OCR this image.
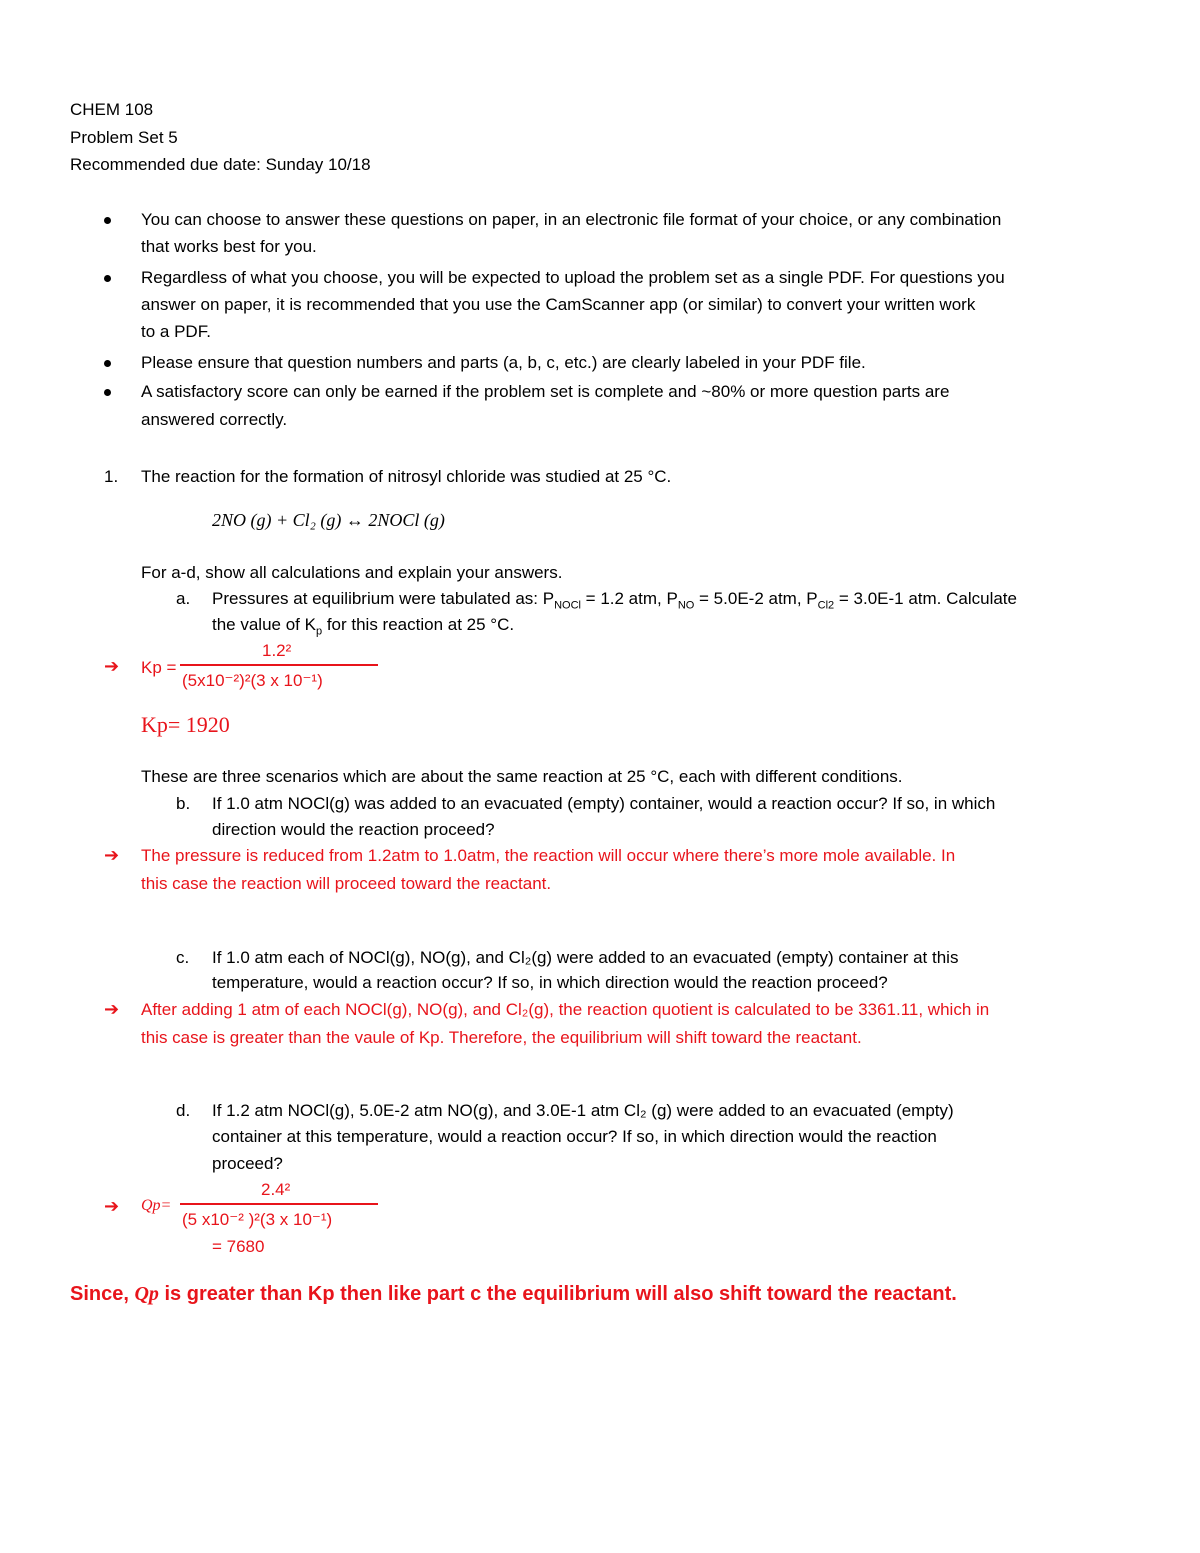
CHEM 108
Problem Set 5
Recommended due date: Sunday 10/18
You can choose to answer these questions on paper, in an electronic file format of your choice, or any combination
that works best for you.
Regardless of what you choose, you will be expected to upload the problem set as a single PDF. For questions you
answer on paper, it is recommended that you use the CamScanner app (or similar) to convert your written work
to a PDF.
Please ensure that question numbers and parts (a, b, c, etc.) are clearly labeled in your PDF file.
A satisfactory score can only be earned if the problem set is complete and ~80% or more question parts are
answered correctly.
1. The reaction for the formation of nitrosyl chloride was studied at 25 °C.
2NO (g) + Cl₂ (g) ↔ 2NOCl (g)
For a-d, show all calculations and explain your answers.
a. Pressures at equilibrium were tabulated as: $P_{NOCl} = 1.2$ atm, $P_{NO} = 5.0E-2$ atm, $P_{Cl2} = 3.0E-1$ atm. Calculate
the value of $K_p$ for this reaction at 25 °C.
➔ Kp =
1.2²
(5x10⁻²)²(3 x 10⁻¹)
Kp= 1920
These are three scenarios which are about the same reaction at 25 °C, each with different conditions.
b. If 1.0 atm NOCl(g) was added to an evacuated (empty) container, would a reaction occur? If so, in which
direction would the reaction proceed?
➔ The pressure is reduced from 1.2atm to 1.0atm, the reaction will occur where there’s more mole available. In
this case the reaction will proceed toward the reactant.
c. If 1.0 atm each of NOCl(g), NO(g), and Cl₂(g) were added to an evacuated (empty) container at this
temperature, would a reaction occur? If so, in which direction would the reaction proceed?
➔ After adding 1 atm of each NOCl(g), NO(g), and Cl₂(g), the reaction quotient is calculated to be 3361.11, which in
this case is greater than the vaule of Kp. Therefore, the equilibrium will shift toward the reactant.
d. If 1.2 atm NOCl(g), 5.0E-2 atm NO(g), and 3.0E-1 atm Cl₂ (g) were added to an evacuated (empty)
container at this temperature, would a reaction occur? If so, in which direction would the reaction
proceed?
➔ Qp=
2.4²
(5 x10⁻² )²(3 x 10⁻¹)
= 7680
Since, Qp is greater than Kp then like part c the equilibrium will also shift toward the reactant.
